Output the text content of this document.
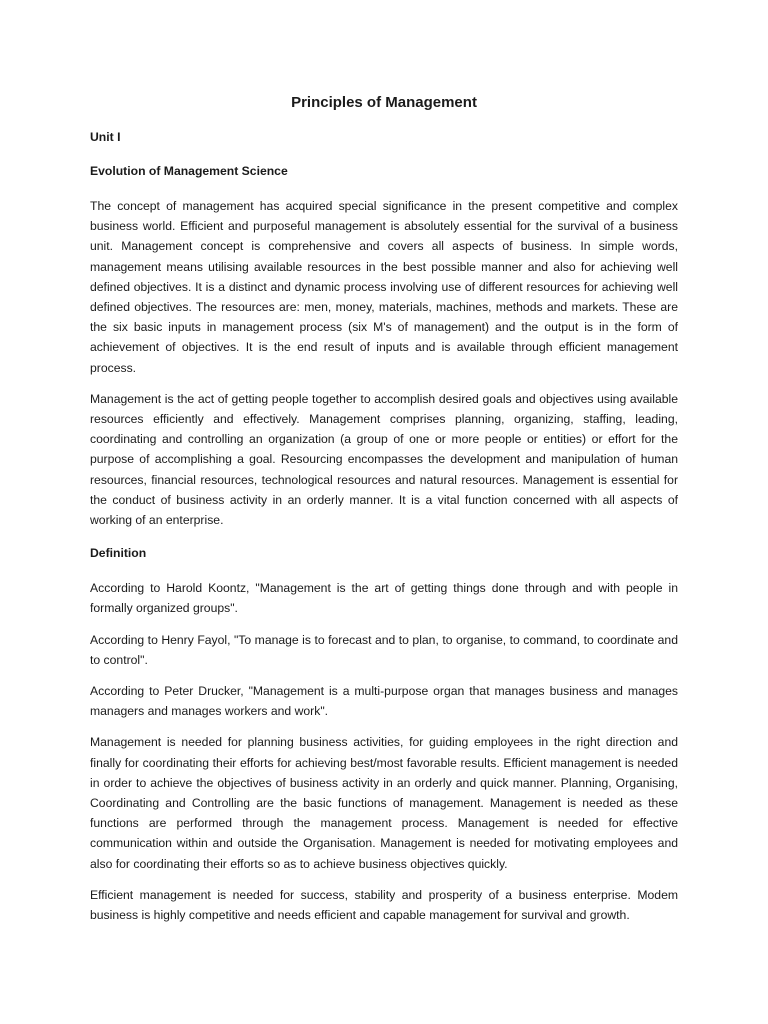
Principles of Management
Unit I
Evolution of Management Science

The concept of management has acquired special significance in the present competitive and complex business world. Efficient and purposeful management is absolutely essential for the survival of a business unit. Management concept is comprehensive and covers all aspects of business. In simple words, management means utilising available resources in the best possible manner and also for achieving well defined objectives. It is a distinct and dynamic process involving use of different resources for achieving well defined objectives. The resources are: men, money, materials, machines, methods and markets. These are the six basic inputs in management process (six M's of management) and the output is in the form of achievement of objectives. It is the end result of inputs and is available through efficient management process.

Management is the act of getting people together to accomplish desired goals and objectives using available resources efficiently and effectively. Management comprises planning, organizing, staffing, leading, coordinating and controlling an organization (a group of one or more people or entities) or effort for the purpose of accomplishing a goal. Resourcing encompasses the development and manipulation of human resources, financial resources, technological resources and natural resources. Management is essential for the conduct of business activity in an orderly manner. It is a vital function concerned with all aspects of working of an enterprise.

Definition

According to Harold Koontz, "Management is the art of getting things done through and with people in formally organized groups".

According to Henry Fayol, "To manage is to forecast and to plan, to organise, to command, to coordinate and to control".

According to Peter Drucker, "Management is a multi-purpose organ that manages business and manages managers and manages workers and work".

Management is needed for planning business activities, for guiding employees in the right direction and finally for coordinating their efforts for achieving best/most favorable results. Efficient management is needed in order to achieve the objectives of business activity in an orderly and quick manner. Planning, Organising, Coordinating and Controlling are the basic functions of management. Management is needed as these functions are performed through the management process. Management is needed for effective communication within and outside the Organisation. Management is needed for motivating employees and also for coordinating their efforts so as to achieve business objectives quickly.

Efficient management is needed for success, stability and prosperity of a business enterprise. Modem business is highly competitive and needs efficient and capable management for survival and growth.
